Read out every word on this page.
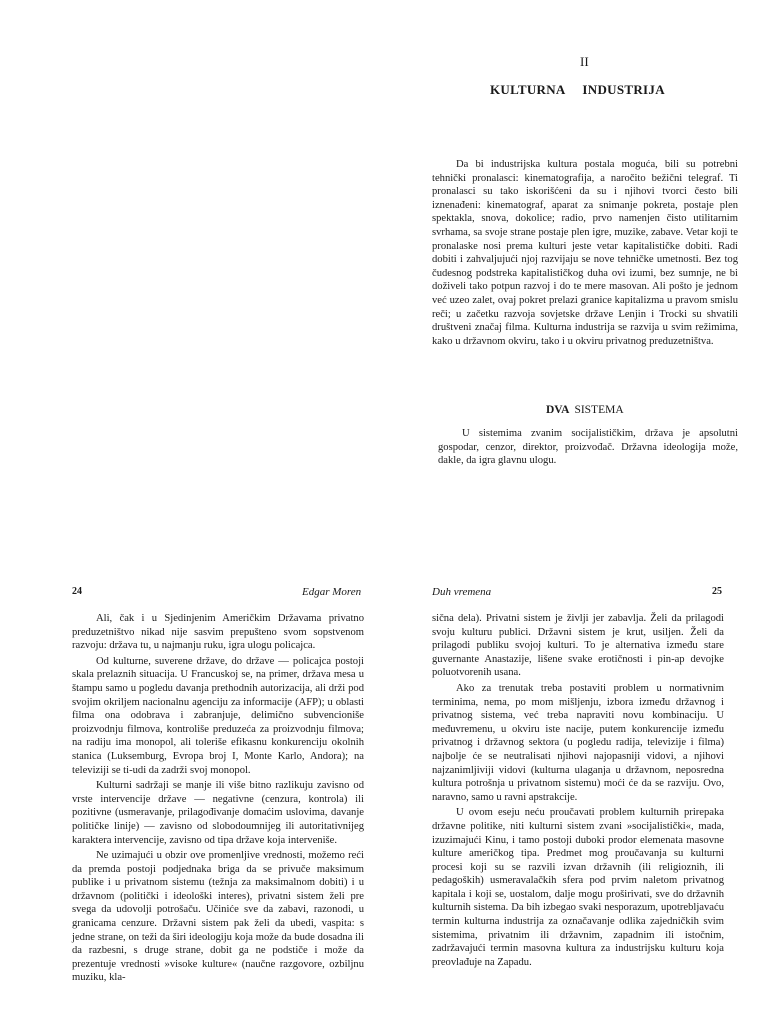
II
KULTURNA INDUSTRIJA

Da bi industrijska kultura postala moguća, bili su potrebni tehnički pronalasci: kinematografija, a naročito bežični telegraf. Ti pronalasci su tako iskorišćeni da su i njihovi tvorci često bili iznenađeni: kinematograf, aparat za snimanje pokreta, postaje plen spektakla, snova, dokolice; radio, prvo namenjen čisto utilitarnim svrhama, sa svoje strane postaje plen igre, muzike, zabave. Vetar koji te pronalaske nosi prema kulturi jeste vetar kapitalističke dobiti. Radi dobiti i zahvaljujući njoj razvijaju se nove tehničke umetnosti. Bez tog čudesnog podstreka kapitalističkog duha ovi izumi, bez sumnje, ne bi doživeli tako potpun razvoj i do te mere masovan. Ali pošto je jednom već uzeo zalet, ovaj pokret prelazi granice kapitalizma u pravom smislu reči; u začetku razvoja sovjetske države Lenjin i Trocki su shvatili društveni značaj filma. Kulturna industrija se razvija u svim režimima, kako u državnom okviru, tako i u okviru privatnog preduzetništva.

DVA SISTEMA

U sistemima zvanim socijalističkim, država je apsolutni gospodar, cenzor, direktor, proizvođač. Državna ideologija može, dakle, da igra glavnu ulogu.

24	Edgar Moren	Duh vremena	25

Ali, čak i u Sjedinjenim Američkim Državama privatno preduzetništvo nikad nije sasvim prepušteno svom sopstvenom razvoju: država tu, u najmanju ruku, igra ulogu policajca.

Od kulturne, suverene države, do države — policajca postoji skala prelaznih situacija. U Francuskoj se, na primer, država mesa u štampu samo u pogledu davanja prethodnih autorizacija, ali drži pod svojim okriljem nacionalnu agenciju za informacije (AFP); u oblasti filma ona odobrava i zabranjuje, delimično subvencioniše proizvodnju filmova, kontroliše preduzeća za proizvodnju filmova; na radiju ima monopol, ali toleriše efikasnu konkurenciju okolnih stanica (Luksemburg, Evropa broj I, Monte Karlo, Andora); na televiziji se ti-udi da zadrži svoj monopol.

Kulturni sadržaji se manje ili više bitno razlikuju zavisno od vrste intervencije države — negativne (cenzura, kontrola) ili pozitivne (usmeravanje, prilagođivanje domaćim uslovima, davanje političke linije) — zavisno od slobodoumnijeg ili autoritativnijeg karaktera intervencije, zavisno od tipa države koja interveniše.

Ne uzimajući u obzir ove promenljive vrednosti, možemo reći da premda postoji podjednaka briga da se privuče maksimum publike i u privatnom sistemu (težnja za maksimalnom dobiti) i u državnom (politički i ideološki interes), privatni sistem želi pre svega da udovolji potrošaču. Učiniće sve da zabavi, razonodi, u granicama cenzure. Državni sistem pak želi da ubedi, vaspita: s jedne strane, on teži da širi ideologiju koja može da bude dosadna ili da razbesni, s druge strane, dobit ga ne podstiče i može da prezentuje vrednosti »visoke kulture« (naučne razgovore, ozbiljnu muziku, kla-

sična dela). Privatni sistem je življi jer zabavlja. Želi da prilagodi svoju kulturu publici. Državni sistem je krut, usiljen. Želi da prilagodi publiku svojoj kulturi. To je alternativa između stare guvernante Anastazije, lišene svake erotičnosti i pin-ap devojke poluotvorenih usana.

Ako za trenutak treba postaviti problem u normativnim terminima, nema, po mom mišljenju, izbora između državnog i privatnog sistema, već treba napraviti novu kombinaciju. U međuvremenu, u okviru iste nacije, putem konkurencije između privatnog i državnog sektora (u pogledu radija, televizije i filma) najbolje će se neutralisati njihovi najopasniji vidovi, a njihovi najzanimljiviji vidovi (kulturna ulaganja u državnom, neposredna kultura potrošnja u privatnom sistemu) moći će da se razviju. Ovo, naravno, samo u ravni apstrakcije.

U ovom eseju neću proučavati problem kulturnih prirepaka državne politike, niti kulturni sistem zvani »socijalistički«, mada, izuzimajući Kinu, i tamo postoji duboki prodor elemenata masovne kulture američkog tipa. Predmet mog proučavanja su kulturni procesi koji su se razvili izvan državnih (ili religioznih, ili pedagoških) usmeravalačkih sfera pod prvim naletom privatnog kapitala i koji se, uostalom, dalje mogu proširivati, sve do državnih kulturnih sistema. Da bih izbegao svaki nesporazum, upotrebljavaću termin kulturna industrija za označavanje odlika zajedničkih svim sistemima, privatnim ili državnim, zapadnim ili istočnim, zadržavajući termin masovna kultura za industrijsku kulturu koja preovlađuje na Zapadu.
